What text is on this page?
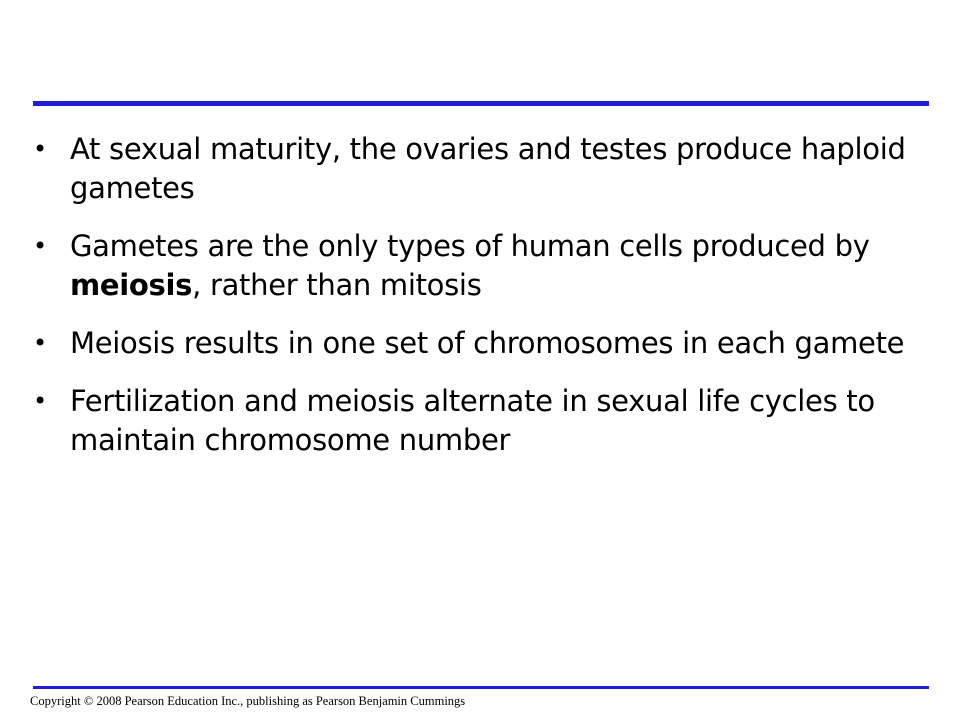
• At sexual maturity, the ovaries and testes produce haploid gametes
• Gametes are the only types of human cells produced by meiosis, rather than mitosis
• Meiosis results in one set of chromosomes in each gamete
• Fertilization and meiosis alternate in sexual life cycles to maintain chromosome number
Copyright © 2008 Pearson Education Inc., publishing as Pearson Benjamin Cummings
